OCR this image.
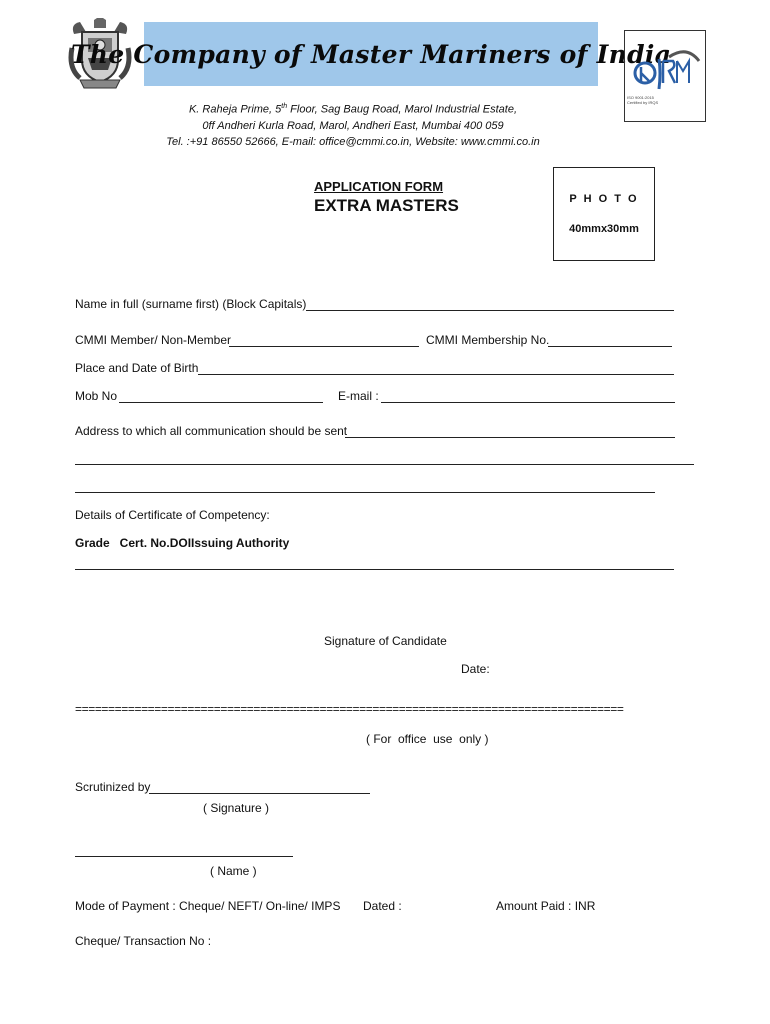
The Company of Master Mariners of India
ISO 9001:2015
Certified by IRQS
K. Raheja Prime, 5th Floor, Sag Baug Road, Marol Industrial Estate,
0ff Andheri Kurla Road, Marol, Andheri East, Mumbai 400 059
Tel. :+91 86550 52666, E-mail: office@cmmi.co.in, Website: www.cmmi.co.in
APPLICATION FORM
EXTRA MASTERS	P H O T O
40mmx30mm
Name in full (surname first) (Block Capitals)
CMMI Member/ Non-Member	CMMI Membership No.
Place and Date of Birth
Mob No	E-mail :
Address to which all communication should be sent
Details of Certificate of Competency:
Grade   Cert. No.DOIIssuing Authority
Signature of Candidate
Date:
===================================================================================
( For  office  use  only )
Scrutinized by
( Signature )
( Name )
Mode of Payment : Cheque/ NEFT/ On-line/ IMPS Dated :	Amount Paid : INR
Cheque/ Transaction No :
